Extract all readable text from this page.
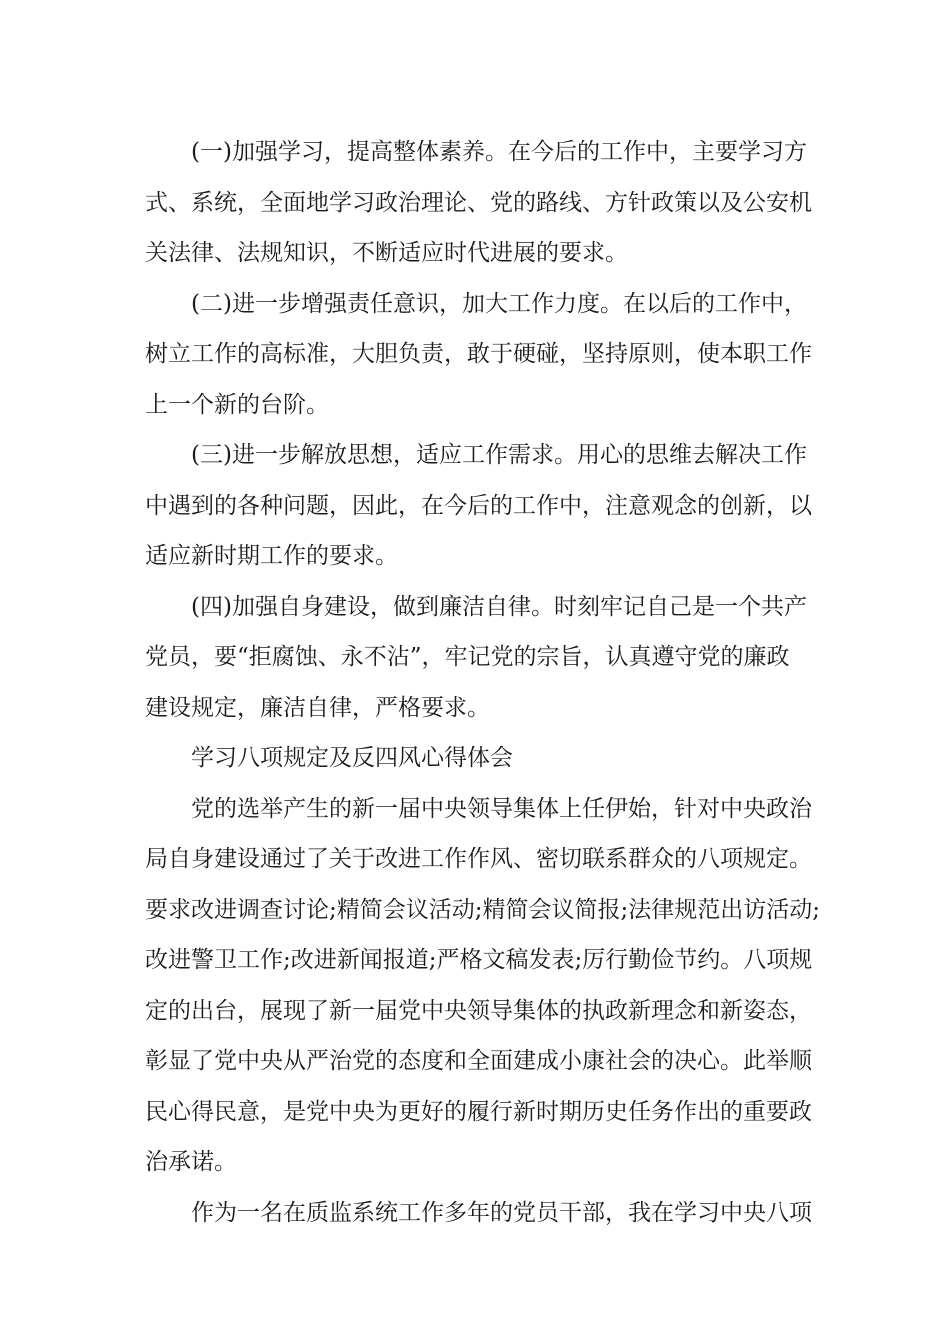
(一)加强学习，提高整体素养。在今后的工作中，主要学习方
式、系统，全面地学习政治理论、党的路线、方针政策以及公安机
关法律、法规知识，不断适应时代进展的要求。

(二)进一步增强责任意识，加大工作力度。在以后的工作中，
树立工作的高标准，大胆负责，敢于硬碰，坚持原则，使本职工作
上一个新的台阶。

(三)进一步解放思想，适应工作需求。用心的思维去解决工作
中遇到的各种问题，因此，在今后的工作中，注意观念的创新，以
适应新时期工作的要求。

(四)加强自身建设，做到廉洁自律。时刻牢记自己是一个共产
党员，要“拒腐蚀、永不沾”，牢记党的宗旨，认真遵守党的廉政
建设规定，廉洁自律，严格要求。

学习八项规定及反四风心得体会

党的选举产生的新一届中央领导集体上任伊始，针对中央政治
局自身建设通过了关于改进工作作风、密切联系群众的八项规定。
要求改进调查讨论;精简会议活动;精简会议简报;法律规范出访活动;
改进警卫工作;改进新闻报道;严格文稿发表;厉行勤俭节约。八项规
定的出台，展现了新一届党中央领导集体的执政新理念和新姿态，
彰显了党中央从严治党的态度和全面建成小康社会的决心。此举顺
民心得民意，是党中央为更好的履行新时期历史任务作出的重要政
治承诺。

作为一名在质监系统工作多年的党员干部，我在学习中央八项
